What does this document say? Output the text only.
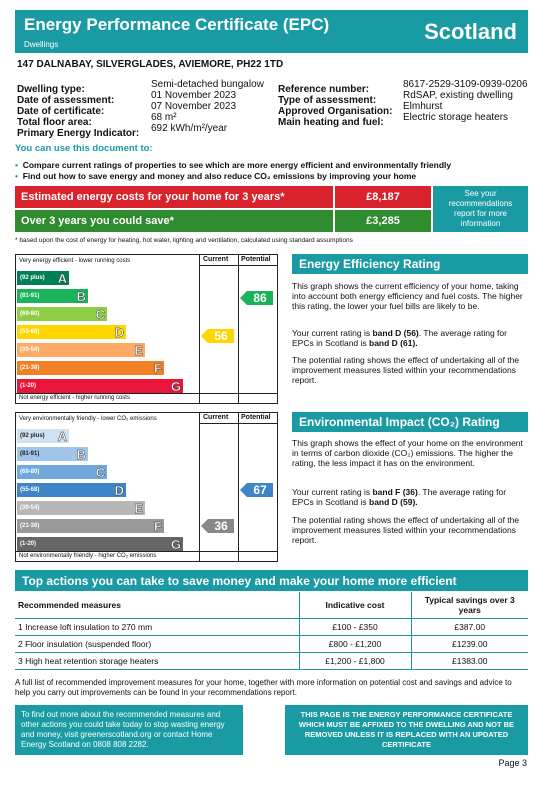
Energy Performance Certificate (EPC)
Dwellings
Scotland
147 DALNABAY, SILVERGLADES, AVIEMORE, PH22 1TD
Dwelling type:	Semi-detached bungalow
Date of assessment:	01 November 2023
Date of certificate:	07 November 2023
Total floor area:	68 m²
Primary Energy Indicator: 692 kWh/m²/year
Reference number:	8617-2529-3109-0939-0206
Type of assessment:	RdSAP, existing dwelling
Approved Organisation: Elmhurst
Main heating and fuel: Electric storage heaters
You can use this document to:
• Compare current ratings of properties to see which are more energy efficient and environmentally friendly
• Find out how to save energy and money and also reduce CO₂ emissions by improving your home
Estimated energy costs for your home for 3 years*	£8,187
Over 3 years you could save*	£3,285
See your recommendations report for more information
* based upon the cost of energy for heating, hot water, lighting and ventilation, calculated using standard assumptions
Very energy efficient - lower running costs	Current Potential
(92 plus) A
(81-91)	B
(69-80)	C
(55-68)	D
(39-54)	E
(21-38)	F
(1-20)	G
56
86
Not energy efficient - higher running costs
Very environmentally friendly - lower CO₂ emissions	Current Potential
(92 plus) A
(81-91)	B
(69-80)	C
(55-68)	D
(39-54)	E
(21-38)	F
(1-20)	G
36
67
Not environmentally friendly - higher CO₂ emissions
Energy Efficiency Rating
This graph shows the current efficiency of your home, taking into account both energy efficiency and fuel costs. The higher this rating, the lower your fuel bills are likely to be.
Your current rating is band D (56). The average rating for EPCs in Scotland is band D (61).
The potential rating shows the effect of undertaking all of the improvement measures listed within your recommendations report.
Environmental Impact (CO₂) Rating
This graph shows the effect of your home on the environment in terms of carbon dioxide (CO₂) emissions. The higher the rating, the less impact it has on the environment.
Your current rating is band F (36). The average rating for EPCs in Scotland is band D (59).
The potential rating shows the effect of undertaking all of the improvement measures listed within your recommendations report.
Top actions you can take to save money and make your home more efficient
Recommended measures	Indicative cost	Typical savings over 3 years
1 Increase loft insulation to 270 mm	£100 - £350	£387.00
2 Floor insulation (suspended floor)	£800 - £1,200	£1239.00
3 High heat retention storage heaters	£1,200 - £1,800	£1383.00
A full list of recommended improvement measures for your home, together with more information on potential cost and savings and advice to help you carry out improvements can be found in your recommendations report.
To find out more about the recommended measures and other actions you could take today to stop wasting energy and money, visit greenerscotland.org or contact Home Energy Scotland on 0808 808 2282.
THIS PAGE IS THE ENERGY PERFORMANCE CERTIFICATE WHICH MUST BE AFFIXED TO THE DWELLING AND NOT BE REMOVED UNLESS IT IS REPLACED WITH AN UPDATED CERTIFICATE
Page 3
